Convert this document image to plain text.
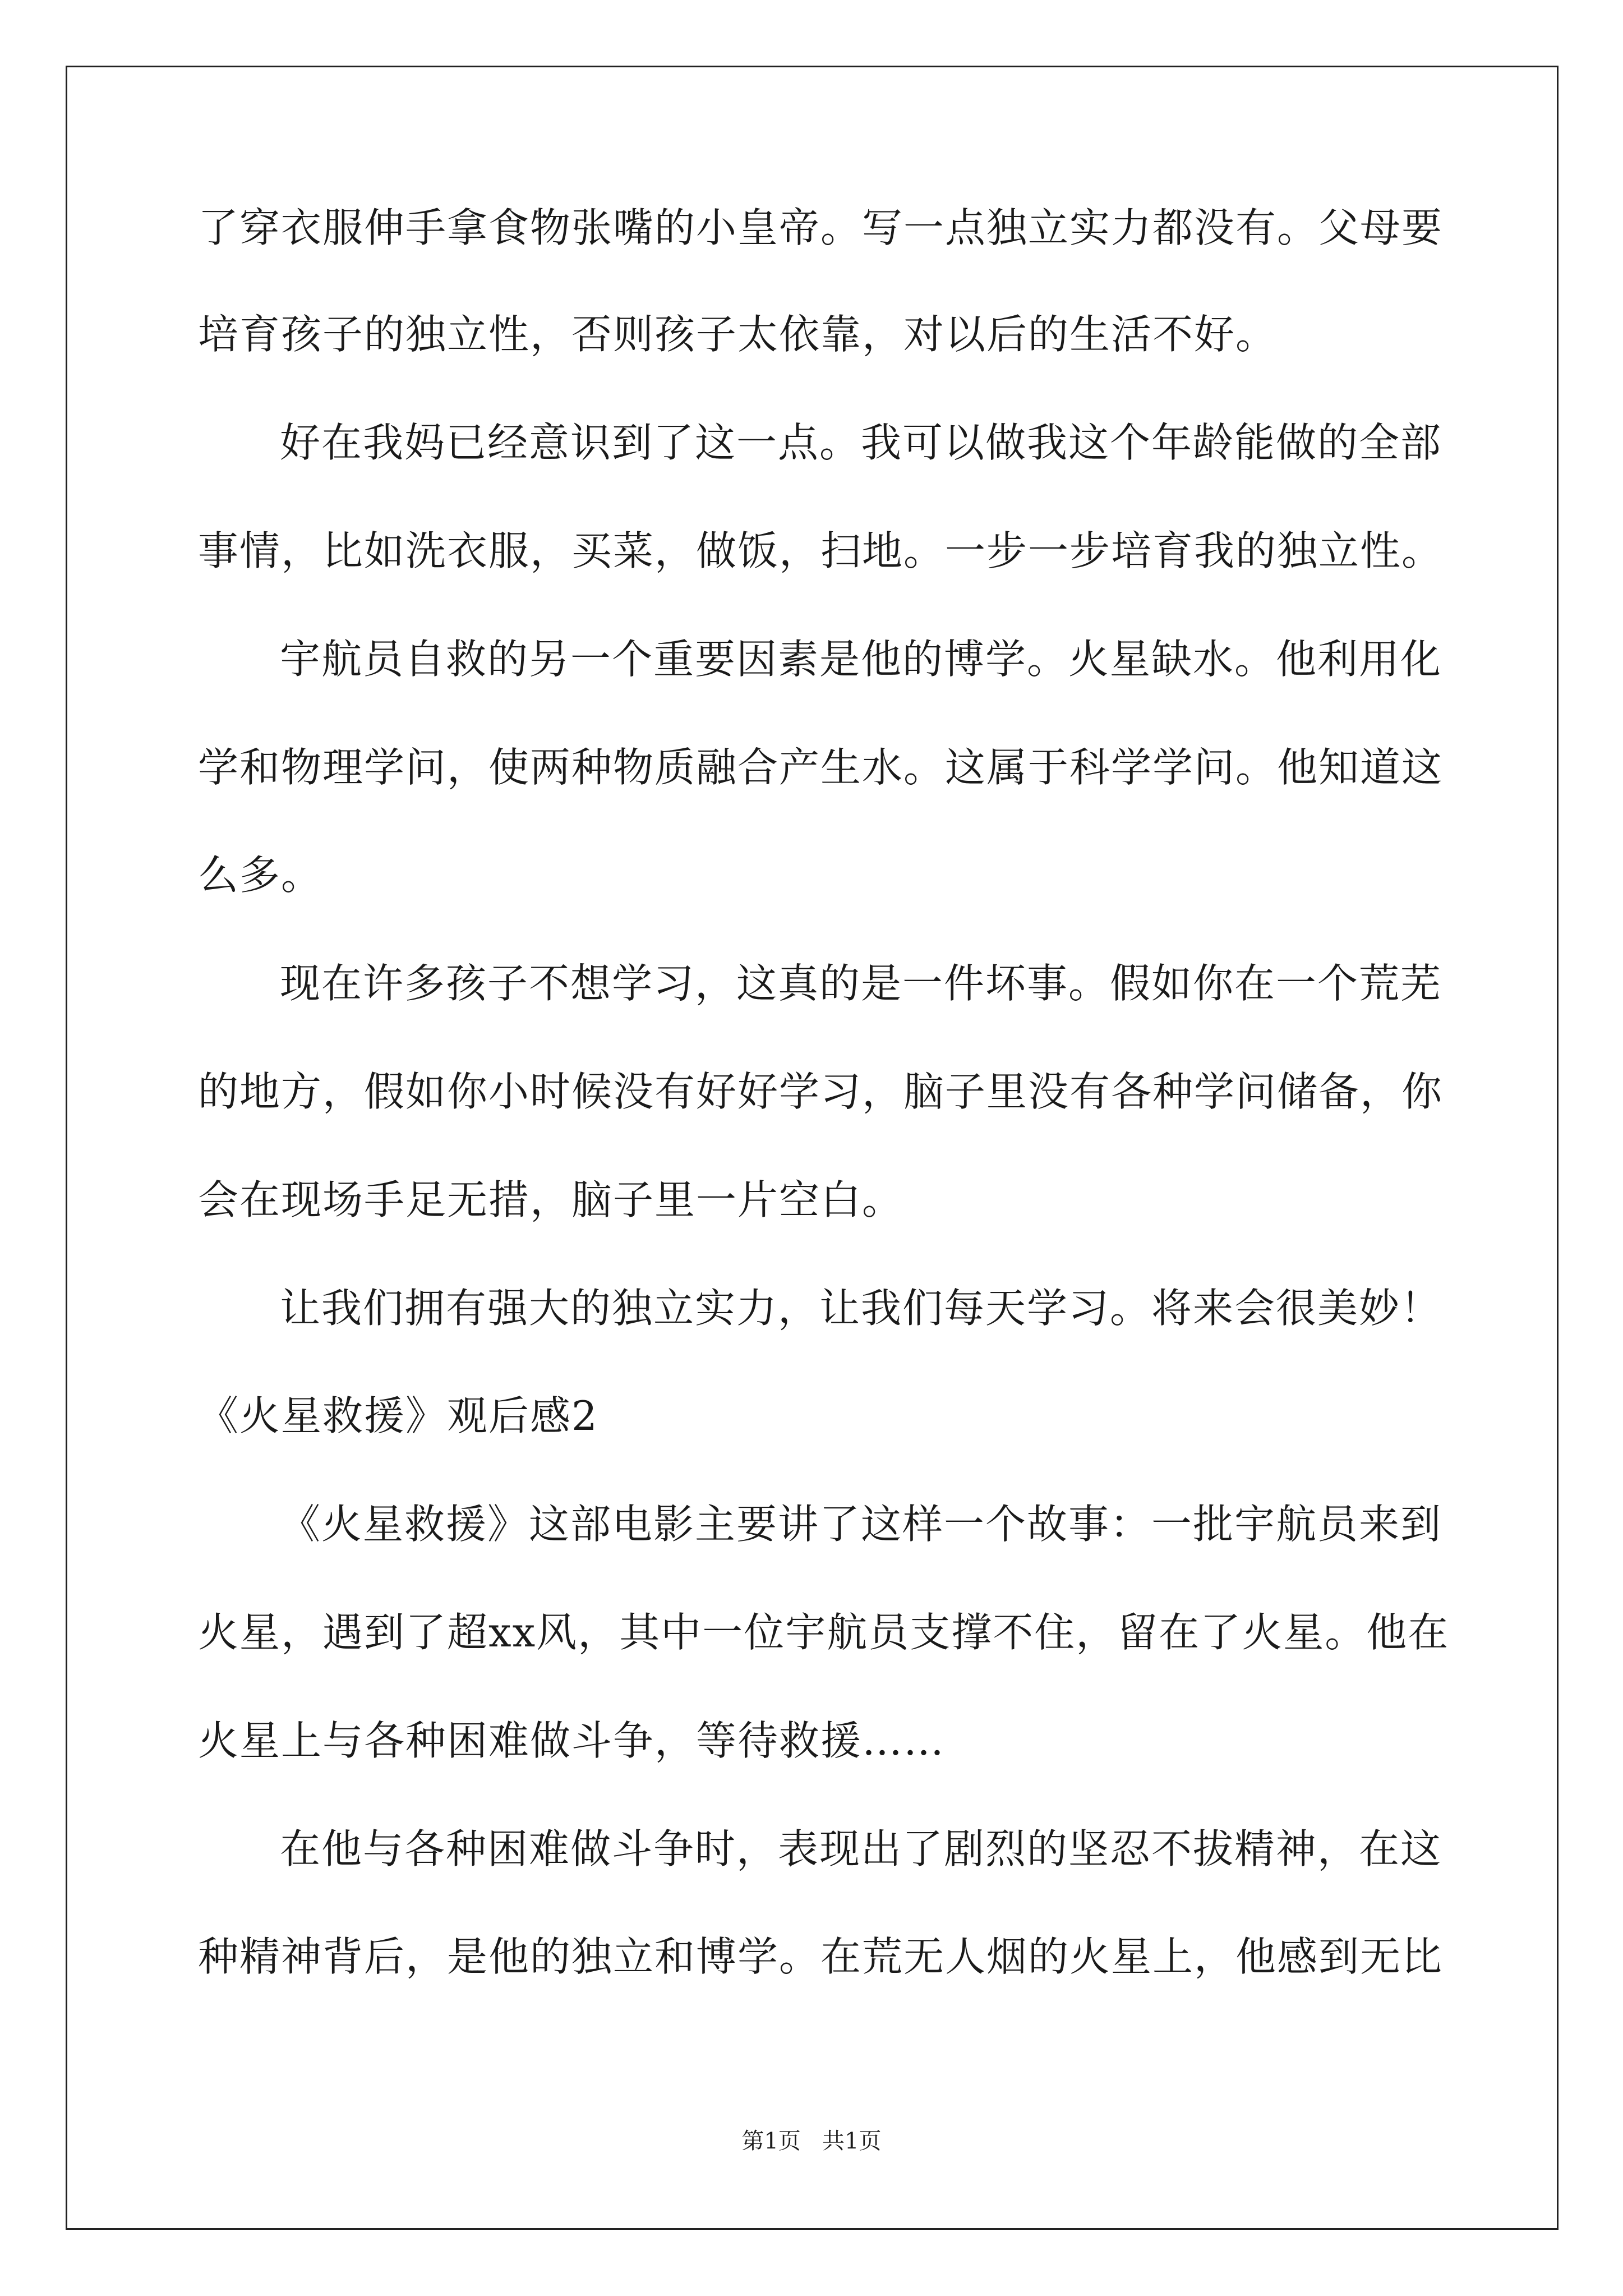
了穿衣服伸手拿食物张嘴的小皇帝。写一点独立实力都没有。父母要
培育孩子的独立性，否则孩子太依靠，对以后的生活不好。
好在我妈已经意识到了这一点。我可以做我这个年龄能做的全部
事情，比如洗衣服，买菜，做饭，扫地。一步一步培育我的独立性。
宇航员自救的另一个重要因素是他的博学。火星缺水。他利用化
学和物理学问，使两种物质融合产生水。这属于科学学问。他知道这
么多。
现在许多孩子不想学习，这真的是一件坏事。假如你在一个荒芜
的地方，假如你小时候没有好好学习，脑子里没有各种学问储备，你
会在现场手足无措，脑子里一片空白。
让我们拥有强大的独立实力，让我们每天学习。将来会很美妙！
《火星救援》观后感2
《火星救援》这部电影主要讲了这样一个故事：一批宇航员来到
火星，遇到了超xx风，其中一位宇航员支撑不住，留在了火星。他在
火星上与各种困难做斗争，等待救援……
在他与各种困难做斗争时，表现出了剧烈的坚忍不拔精神，在这
种精神背后，是他的独立和博学。在荒无人烟的火星上，他感到无比
第1页   共1页
